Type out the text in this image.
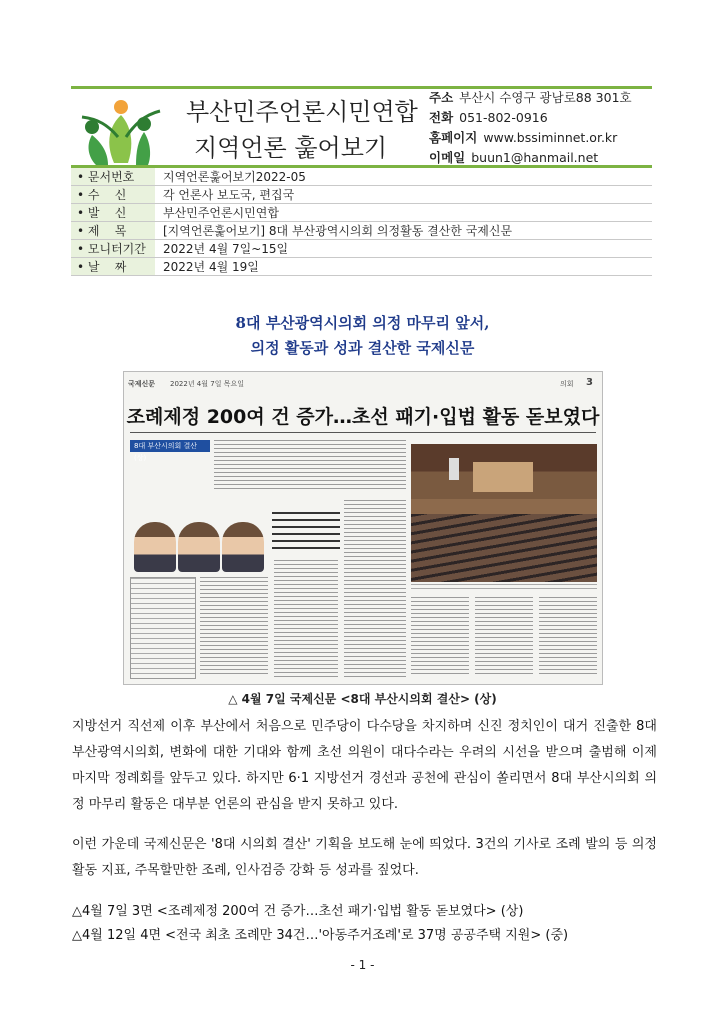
부산민주언론시민연합
지역언론 훑어보기
주소 부산시 수영구 광남로88 301호
전화 051-802-0916
홈페이지 www.bssiminnet.or.kr
이메일 buun1@hanmail.net
• 문서번호	지역언론훑어보기2022-05
• 수    신	각 언론사 보도국, 편집국
• 발    신	부산민주언론시민연합
• 제    목	[지역언론훑어보기] 8대 부산광역시의회 의정활동 결산한 국제신문
• 모니터기간	2022년 4월 7일~15일
• 날    짜	2022년 4월 19일
8대 부산광역시의회 의정 마무리 앞서,
의정 활동과 성과 결산한 국제신문
국제신문 2022년 4월 7일 목요일	의회 3
조례제정 200여 건 증가…초선 패기·입법 활동 돋보였다
8대 부산시의회 결산 (상)
△ 4월 7일 국제신문 <8대 부산시의회 결산> (상)
지방선거 직선제 이후 부산에서 처음으로 민주당이 다수당을 차지하며 신진 정치인이 대거 진출한 8대 부산광역시의회, 변화에 대한 기대와 함께 초선 의원이 대다수라는 우려의 시선을 받으며 출범해 이제 마지막 정례회를 앞두고 있다. 하지만 6·1 지방선거 경선과 공천에 관심이 쏠리면서 8대 부산시의회 의정 마무리 활동은 대부분 언론의 관심을 받지 못하고 있다.
이런 가운데 국제신문은 '8대 시의회 결산' 기획을 보도해 눈에 띄었다. 3건의 기사로 조례 발의 등 의정 활동 지표, 주목할만한 조례, 인사검증 강화 등 성과를 짚었다.
△4월 7일 3면 <조례제정 200여 건 증가…초선 패기·입법 활동 돋보였다> (상)
△4월 12일 4면 <전국 최초 조례만 34건…'아동주거조례'로 37명 공공주택 지원> (중)
- 1 -
